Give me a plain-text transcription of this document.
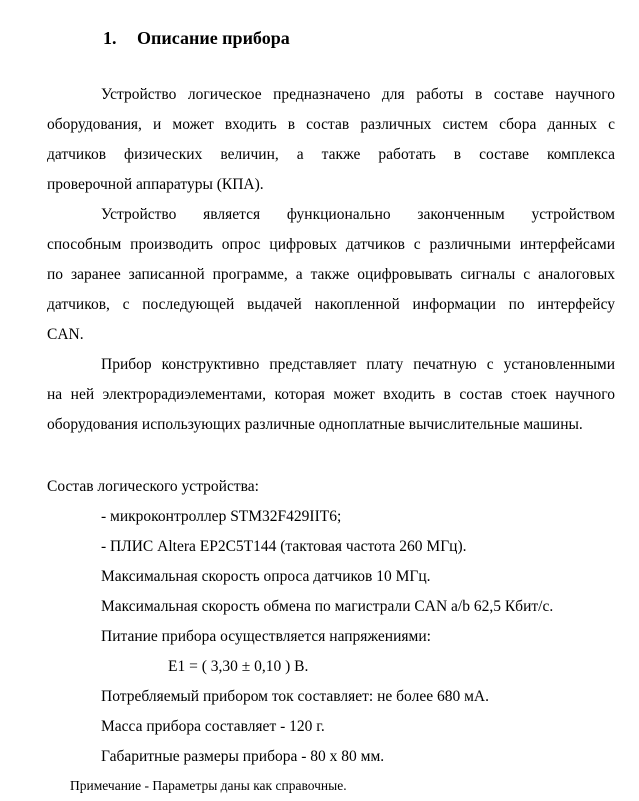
1. Описание прибора
Устройство логическое предназначено для работы в составе научного
оборудования, и может входить в состав различных систем сбора данных с
датчиков физических величин, а также работать в составе комплекса
проверочной аппаратуры (КПА).
Устройство является функционально законченным устройством
способным производить опрос цифровых датчиков с различными интерфейсами
по заранее записанной программе, а также оцифровывать сигналы с аналоговых
датчиков, с последующей выдачей накопленной информации по интерфейсу
CAN.
Прибор конструктивно представляет плату печатную с установленными
на ней электрорадиэлементами, которая может входить в состав стоек научного
оборудования использующих различные одноплатные вычислительные машины.
Состав логического устройства:
- микроконтроллер STM32F429IIT6;
- ПЛИС Altera EP2C5T144 (тактовая частота 260 МГц).
Максимальная скорость опроса датчиков 10 МГц.
Максимальная скорость обмена по магистрали CAN а/b 62,5 Кбит/с.
Питание прибора осуществляется напряжениями:
Е1 = ( 3,30 ± 0,10 ) В.
Потребляемый прибором ток составляет: не более 680 мА.
Масса прибора составляет - 120 г.
Габаритные размеры прибора - 80 х 80 мм.
Примечание - Параметры даны как справочные.
